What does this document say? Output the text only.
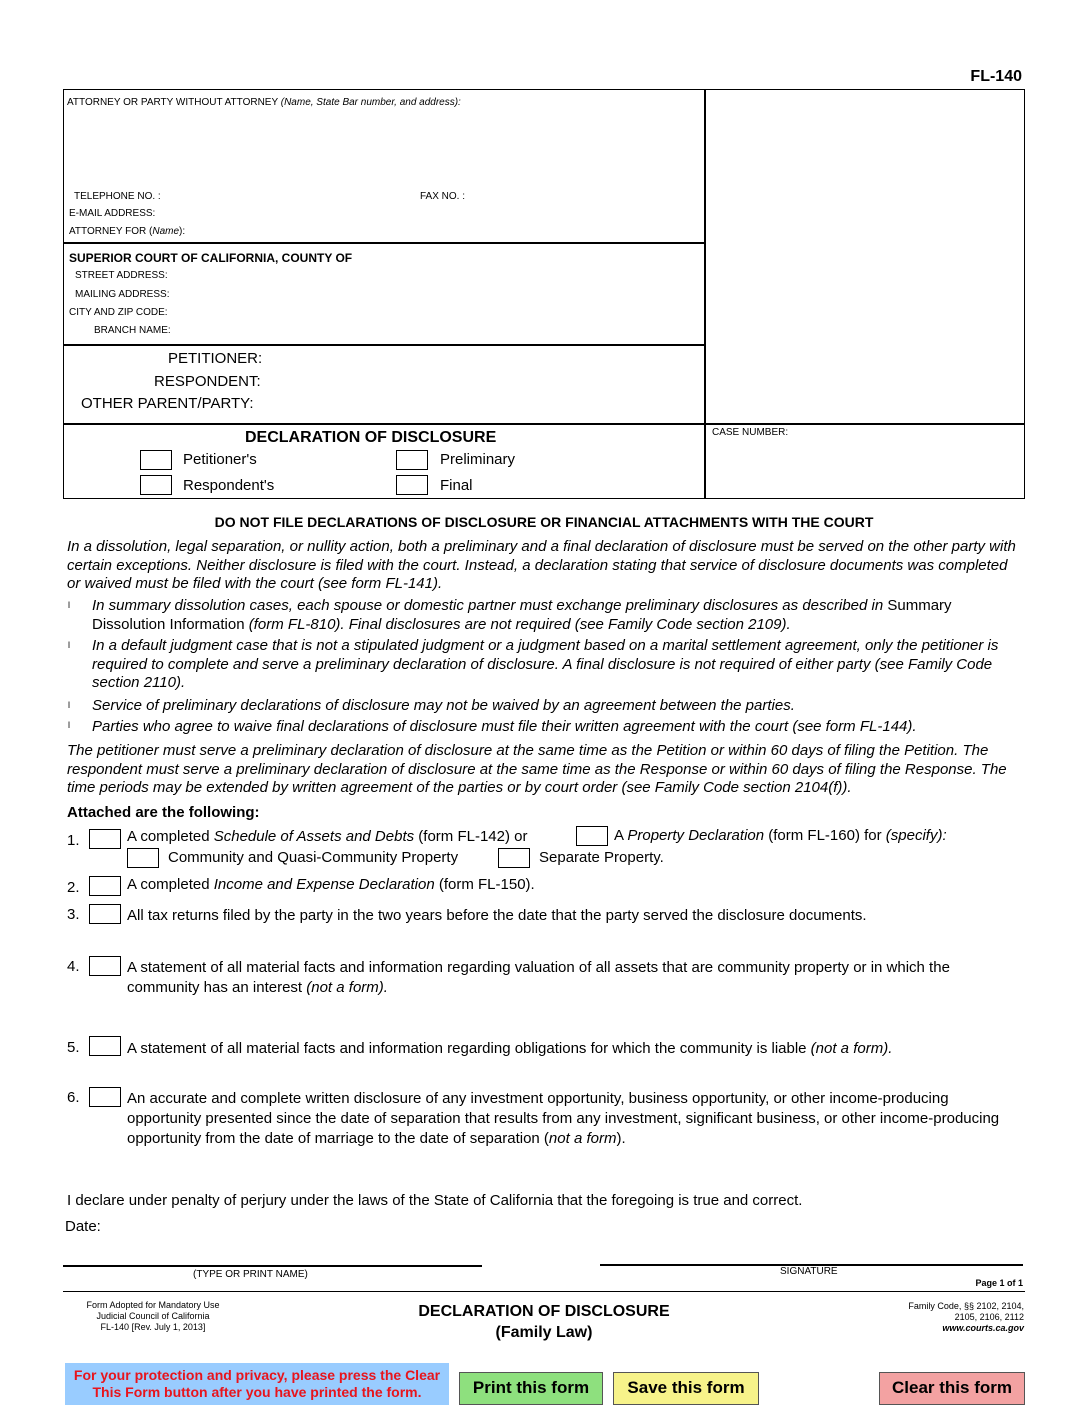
FL-140
ATTORNEY OR PARTY WITHOUT ATTORNEY (Name, State Bar number, and address):
TELEPHONE NO. :	FAX NO. :
E-MAIL ADDRESS:
ATTORNEY FOR (Name):
SUPERIOR COURT OF CALIFORNIA, COUNTY OF
STREET ADDRESS:
MAILING ADDRESS:
CITY AND ZIP CODE:
BRANCH NAME:
PETITIONER:
RESPONDENT:
OTHER PARENT/PARTY:
DECLARATION OF DISCLOSURE
Petitioner's
Respondent's
Preliminary
Final
CASE NUMBER:
DO NOT FILE DECLARATIONS OF DISCLOSURE OR FINANCIAL ATTACHMENTS WITH THE COURT
In a dissolution, legal separation, or nullity action, both a preliminary and a final declaration of disclosure must be served on the other party with certain exceptions. Neither disclosure is filed with the court. Instead, a declaration stating that service of disclosure documents was completed or waived must be filed with the court (see form FL-141).
l In summary dissolution cases, each spouse or domestic partner must exchange preliminary disclosures as described in Summary Dissolution Information (form FL-810). Final disclosures are not required (see Family Code section 2109).
l In a default judgment case that is not a stipulated judgment or a judgment based on a marital settlement agreement, only the petitioner is required to complete and serve a preliminary declaration of disclosure. A final disclosure is not required of either party (see Family Code section 2110).
l Service of preliminary declarations of disclosure may not be waived by an agreement between the parties.
l Parties who agree to waive final declarations of disclosure must file their written agreement with the court (see form FL-144).
The petitioner must serve a preliminary declaration of disclosure at the same time as the Petition or within 60 days of filing the Petition. The respondent must serve a preliminary declaration of disclosure at the same time as the Response or within 60 days of filing the Response. The time periods may be extended by written agreement of the parties or by court order (see Family Code section 2104(f)).
Attached are the following:
1.	A completed Schedule of Assets and Debts (form FL-142) or	A Property Declaration (form FL-160) for (specify):
Community and Quasi-Community Property	Separate Property.
2.	A completed Income and Expense Declaration (form FL-150).
3.	All tax returns filed by the party in the two years before the date that the party served the disclosure documents.
4.	A statement of all material facts and information regarding valuation of all assets that are community property or in which the community has an interest (not a form).
5.	A statement of all material facts and information regarding obligations for which the community is liable (not a form).
6.	An accurate and complete written disclosure of any investment opportunity, business opportunity, or other income-producing opportunity presented since the date of separation that results from any investment, significant business, or other income-producing opportunity from the date of marriage to the date of separation (not a form).
I declare under penalty of perjury under the laws of the State of California that the foregoing is true and correct.
Date:
(TYPE OR PRINT NAME)	SIGNATURE
Page 1 of 1
Form Adopted for Mandatory Use
Judicial Council of California
FL-140 [Rev. July 1, 2013]
DECLARATION OF DISCLOSURE
(Family Law)
Family Code, §§ 2102, 2104,
2105, 2106, 2112
www.courts.ca.gov
For your protection and privacy, please press the Clear This Form button after you have printed the form.	Print this form	Save this form	Clear this form
